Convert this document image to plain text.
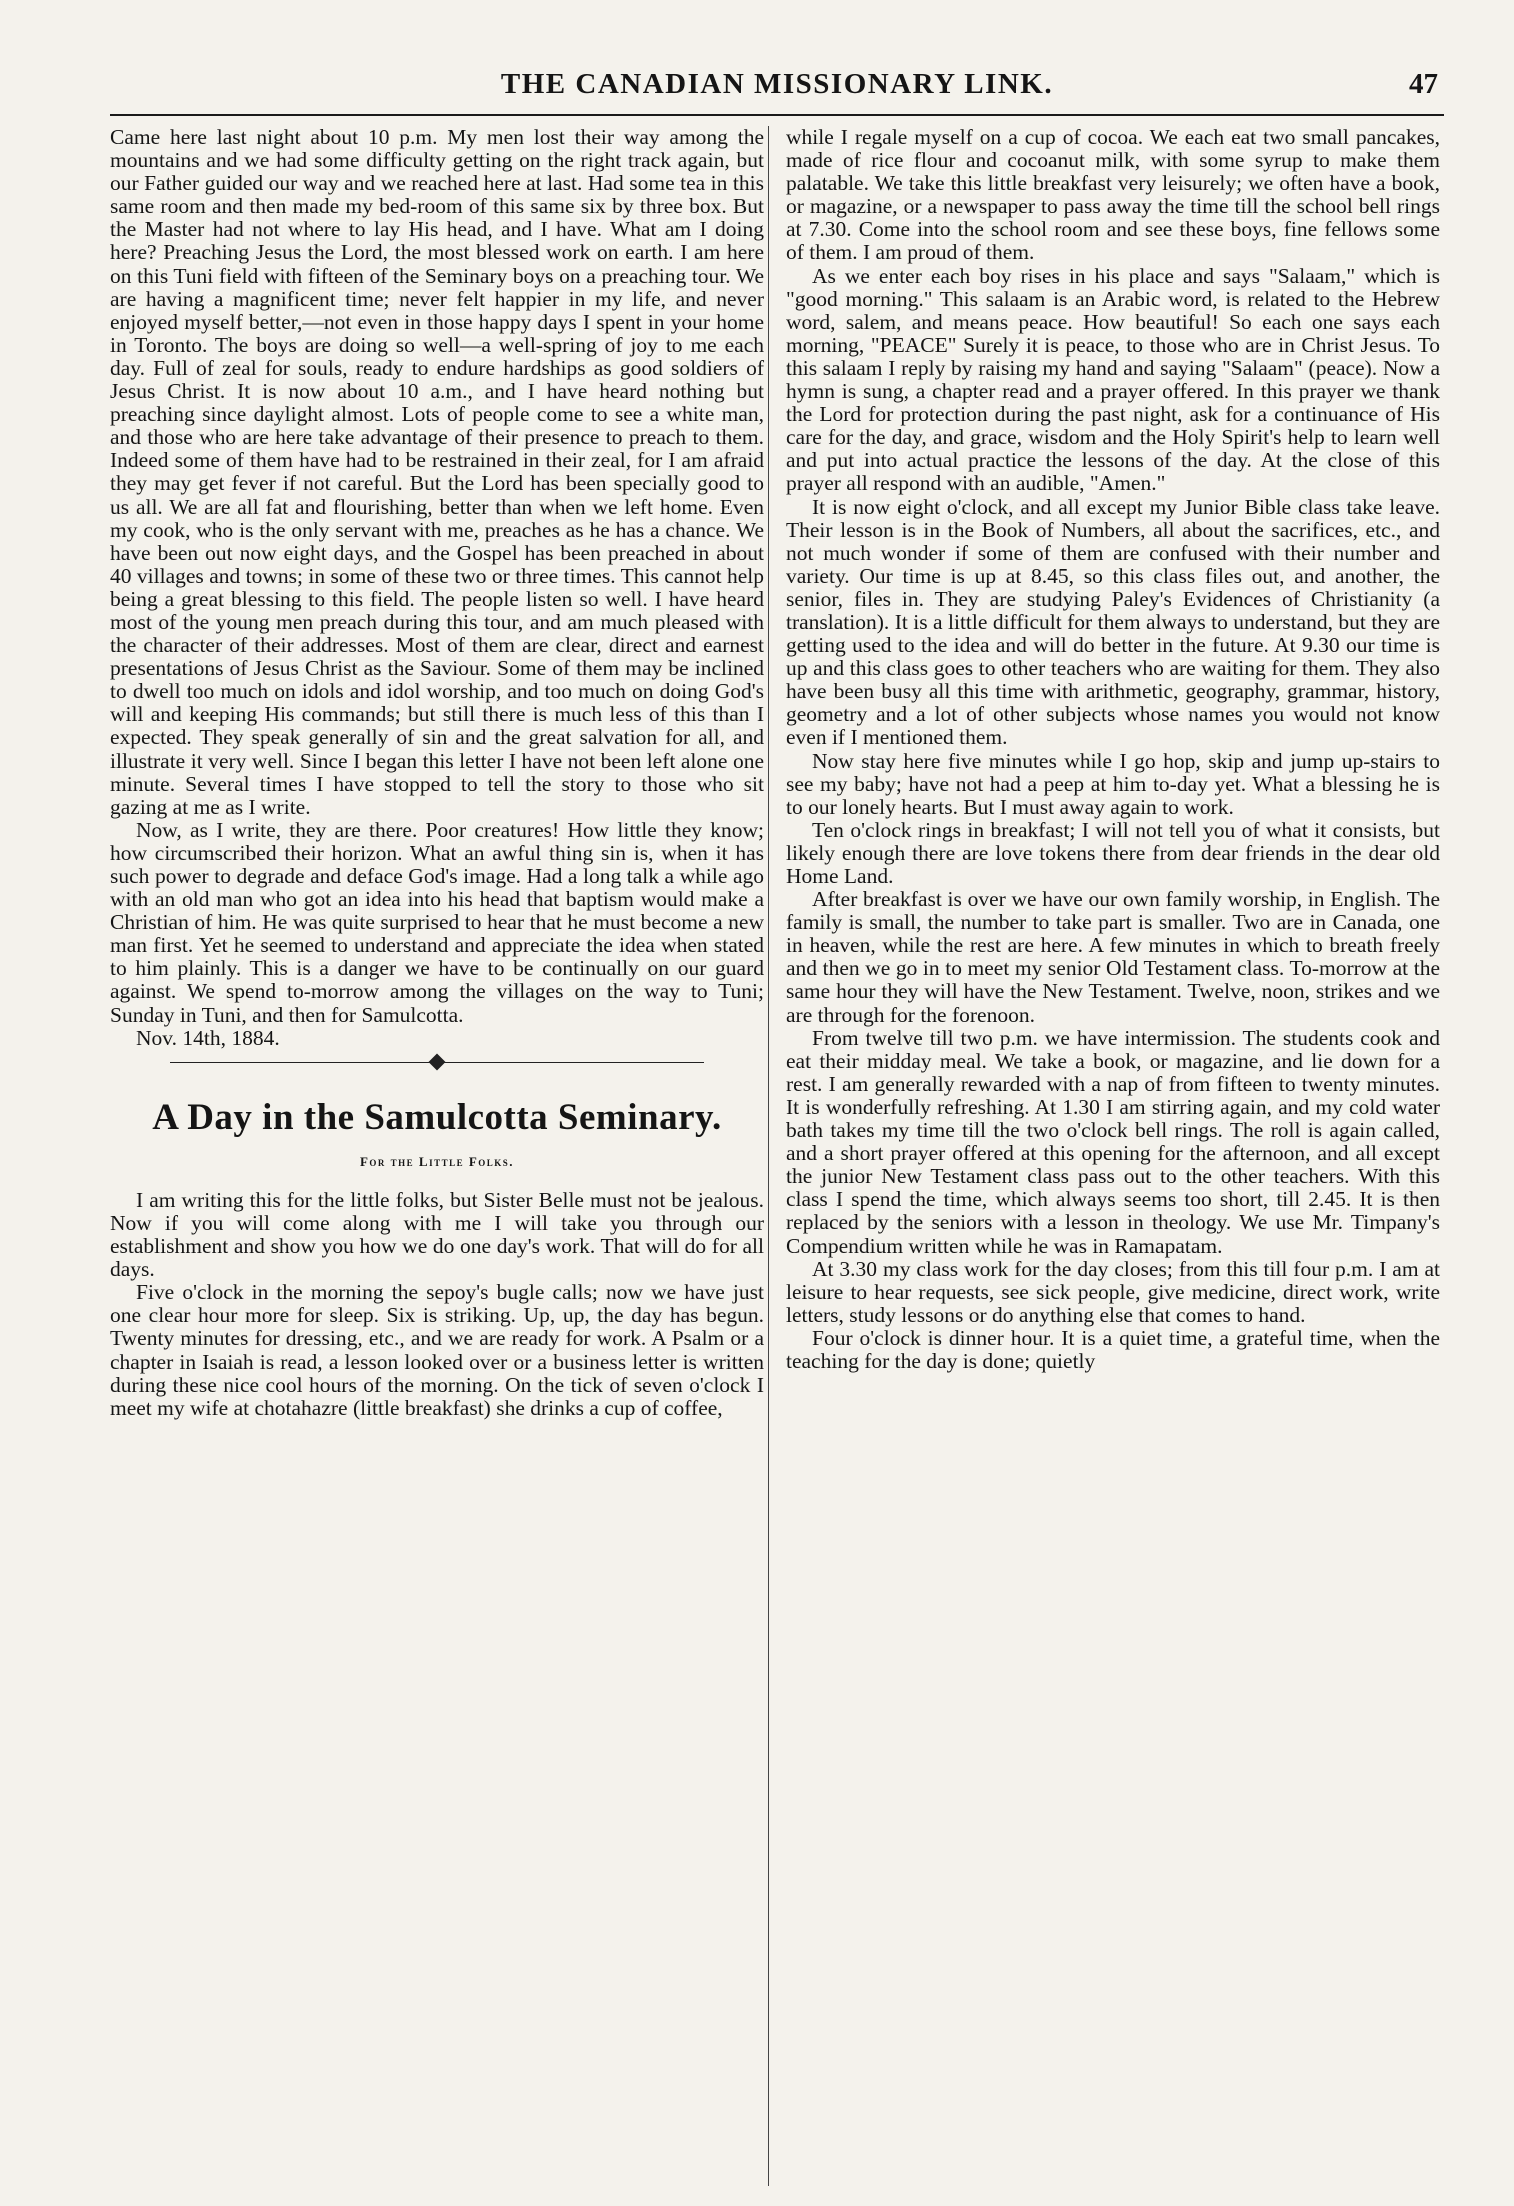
THE CANADIAN MISSIONARY LINK.	47

Came here last night about 10 p.m. My men lost their way among the mountains and we had some difficulty getting on the right track again, but our Father guided our way and we reached here at last. Had some tea in this same room and then made my bed-room of this same six by three box. But the Master had not where to lay His head, and I have. What am I doing here? Preaching Jesus the Lord, the most blessed work on earth. I am here on this Tuni field with fifteen of the Seminary boys on a preaching tour. We are having a magnificent time; never felt happier in my life, and never enjoyed myself better,—not even in those happy days I spent in your home in Toronto. The boys are doing so well—a well-spring of joy to me each day. Full of zeal for souls, ready to endure hardships as good soldiers of Jesus Christ. It is now about 10 a.m., and I have heard nothing but preaching since daylight almost. Lots of people come to see a white man, and those who are here take advantage of their presence to preach to them. Indeed some of them have had to be restrained in their zeal, for I am afraid they may get fever if not careful. But the Lord has been specially good to us all. We are all fat and flourishing, better than when we left home. Even my cook, who is the only servant with me, preaches as he has a chance. We have been out now eight days, and the Gospel has been preached in about 40 villages and towns; in some of these two or three times. This cannot help being a great blessing to this field. The people listen so well. I have heard most of the young men preach during this tour, and am much pleased with the character of their addresses. Most of them are clear, direct and earnest presentations of Jesus Christ as the Saviour. Some of them may be inclined to dwell too much on idols and idol worship, and too much on doing God's will and keeping His commands; but still there is much less of this than I expected. They speak generally of sin and the great salvation for all, and illustrate it very well. Since I began this letter I have not been left alone one minute. Several times I have stopped to tell the story to those who sit gazing at me as I write.

Now, as I write, they are there. Poor creatures! How little they know; how circumscribed their horizon. What an awful thing sin is, when it has such power to degrade and deface God's image. Had a long talk a while ago with an old man who got an idea into his head that baptism would make a Christian of him. He was quite surprised to hear that he must become a new man first. Yet he seemed to understand and appreciate the idea when stated to him plainly. This is a danger we have to be continually on our guard against. We spend to-morrow among the villages on the way to Tuni; Sunday in Tuni, and then for Samulcotta.

Nov. 14th, 1884.

A Day in the Samulcotta Seminary.
For the Little Folks.

I am writing this for the little folks, but Sister Belle must not be jealous. Now if you will come along with me I will take you through our establishment and show you how we do one day's work. That will do for all days.

Five o'clock in the morning the sepoy's bugle calls; now we have just one clear hour more for sleep. Six is striking. Up, up, the day has begun. Twenty minutes for dressing, etc., and we are ready for work. A Psalm or a chapter in Isaiah is read, a lesson looked over or a business letter is written during these nice cool hours of the morning. On the tick of seven o'clock I meet my wife at chotahazre (little breakfast) she drinks a cup of coffee,

while I regale myself on a cup of cocoa. We each eat two small pancakes, made of rice flour and cocoanut milk, with some syrup to make them palatable. We take this little breakfast very leisurely; we often have a book, or magazine, or a newspaper to pass away the time till the school bell rings at 7.30. Come into the school room and see these boys, fine fellows some of them. I am proud of them.

As we enter each boy rises in his place and says "Salaam," which is "good morning." This salaam is an Arabic word, is related to the Hebrew word, salem, and means peace. How beautiful! So each one says each morning, "PEACE" Surely it is peace, to those who are in Christ Jesus. To this salaam I reply by raising my hand and saying "Salaam" (peace). Now a hymn is sung, a chapter read and a prayer offered. In this prayer we thank the Lord for protection during the past night, ask for a continuance of His care for the day, and grace, wisdom and the Holy Spirit's help to learn well and put into actual practice the lessons of the day. At the close of this prayer all respond with an audible, "Amen."

It is now eight o'clock, and all except my Junior Bible class take leave. Their lesson is in the Book of Numbers, all about the sacrifices, etc., and not much wonder if some of them are confused with their number and variety. Our time is up at 8.45, so this class files out, and another, the senior, files in. They are studying Paley's Evidences of Christianity (a translation). It is a little difficult for them always to understand, but they are getting used to the idea and will do better in the future. At 9.30 our time is up and this class goes to other teachers who are waiting for them. They also have been busy all this time with arithmetic, geography, grammar, history, geometry and a lot of other subjects whose names you would not know even if I mentioned them.

Now stay here five minutes while I go hop, skip and jump up-stairs to see my baby; have not had a peep at him to-day yet. What a blessing he is to our lonely hearts. But I must away again to work.

Ten o'clock rings in breakfast; I will not tell you of what it consists, but likely enough there are love tokens there from dear friends in the dear old Home Land.

After breakfast is over we have our own family worship, in English. The family is small, the number to take part is smaller. Two are in Canada, one in heaven, while the rest are here. A few minutes in which to breath freely and then we go in to meet my senior Old Testament class. To-morrow at the same hour they will have the New Testament. Twelve, noon, strikes and we are through for the forenoon.

From twelve till two p.m. we have intermission. The students cook and eat their midday meal. We take a book, or magazine, and lie down for a rest. I am generally rewarded with a nap of from fifteen to twenty minutes. It is wonderfully refreshing. At 1.30 I am stirring again, and my cold water bath takes my time till the two o'clock bell rings. The roll is again called, and a short prayer offered at this opening for the afternoon, and all except the junior New Testament class pass out to the other teachers. With this class I spend the time, which always seems too short, till 2.45. It is then replaced by the seniors with a lesson in theology. We use Mr. Timpany's Compendium written while he was in Ramapatam.

At 3.30 my class work for the day closes; from this till four p.m. I am at leisure to hear requests, see sick people, give medicine, direct work, write letters, study lessons or do anything else that comes to hand.

Four o'clock is dinner hour. It is a quiet time, a grateful time, when the teaching for the day is done; quietly
